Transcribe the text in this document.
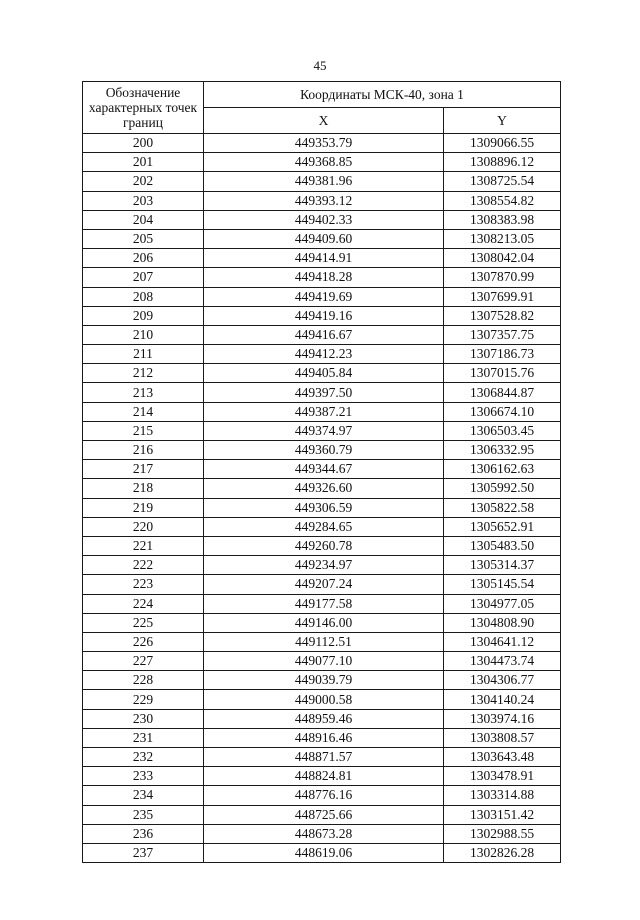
45
Обозначение характерных точек границ	Координаты МСК-40, зона 1	
	X	Y
200	449353.79	1309066.55
201	449368.85	1308896.12
202	449381.96	1308725.54
203	449393.12	1308554.82
204	449402.33	1308383.98
205	449409.60	1308213.05
206	449414.91	1308042.04
207	449418.28	1307870.99
208	449419.69	1307699.91
209	449419.16	1307528.82
210	449416.67	1307357.75
211	449412.23	1307186.73
212	449405.84	1307015.76
213	449397.50	1306844.87
214	449387.21	1306674.10
215	449374.97	1306503.45
216	449360.79	1306332.95
217	449344.67	1306162.63
218	449326.60	1305992.50
219	449306.59	1305822.58
220	449284.65	1305652.91
221	449260.78	1305483.50
222	449234.97	1305314.37
223	449207.24	1305145.54
224	449177.58	1304977.05
225	449146.00	1304808.90
226	449112.51	1304641.12
227	449077.10	1304473.74
228	449039.79	1304306.77
229	449000.58	1304140.24
230	448959.46	1303974.16
231	448916.46	1303808.57
232	448871.57	1303643.48
233	448824.81	1303478.91
234	448776.16	1303314.88
235	448725.66	1303151.42
236	448673.28	1302988.55
237	448619.06	1302826.28
